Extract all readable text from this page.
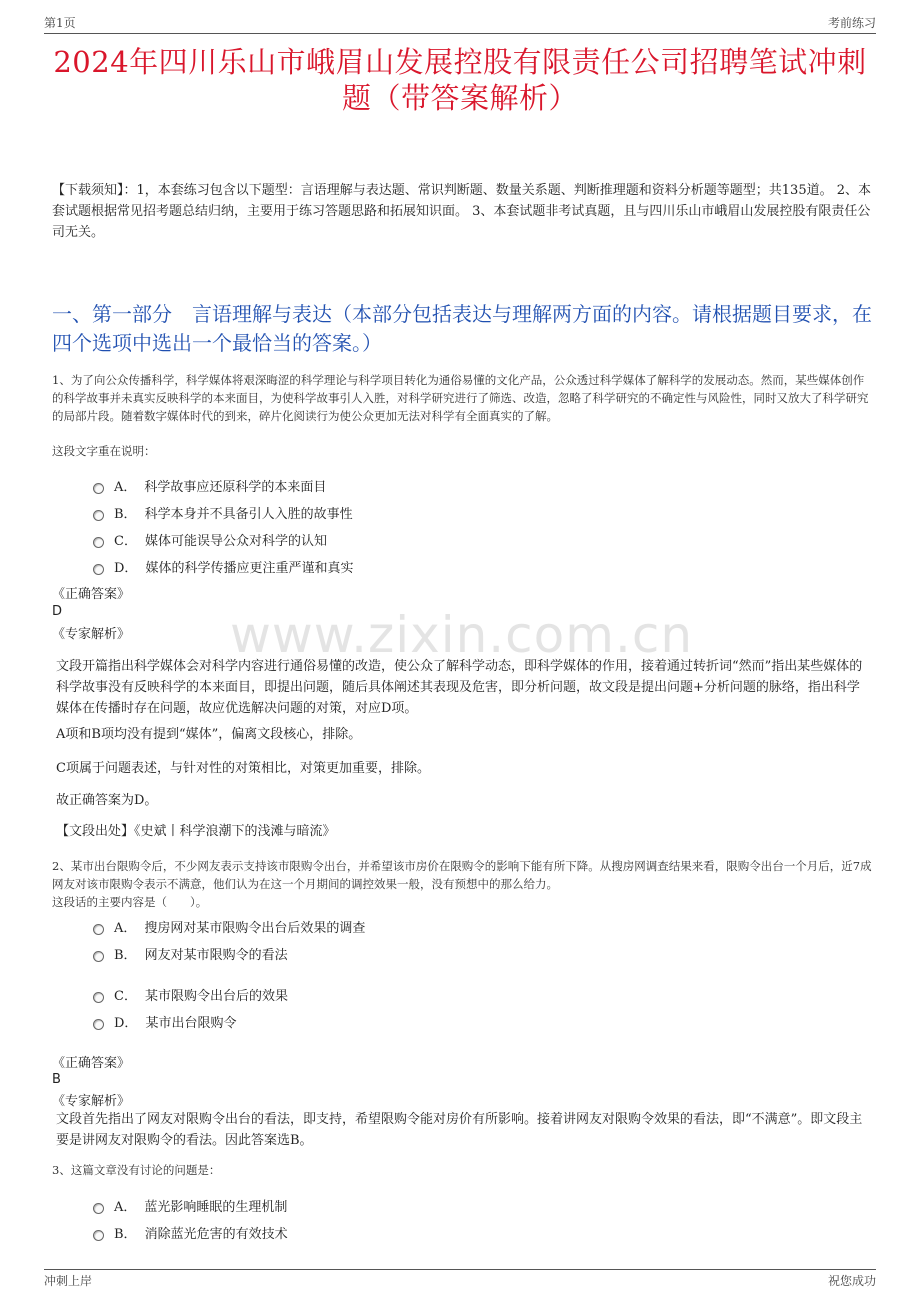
第1页	考前练习
2024年四川乐山市峨眉山发展控股有限责任公司招聘笔试冲刺题（带答案解析）
【下载须知】：1，本套练习包含以下题型：言语理解与表达题、常识判断题、数量关系题、判断推理题和资料分析题等题型；共135道。 2、本套试题根据常见招考题总结归纳，主要用于练习答题思路和拓展知识面。 3、本套试题非考试真题，且与四川乐山市峨眉山发展控股有限责任公司无关。
一、第一部分　言语理解与表达（本部分包括表达与理解两方面的内容。请根据题目要求，在四个选项中选出一个最恰当的答案。）
www.zixin.com.cn
1、为了向公众传播科学，科学媒体将艰深晦涩的科学理论与科学项目转化为通俗易懂的文化产品，公众透过科学媒体了解科学的发展动态。然而，某些媒体创作的科学故事并未真实反映科学的本来面目，为使科学故事引人入胜，对科学研究进行了筛选、改造，忽略了科学研究的不确定性与风险性，同时又放大了科学研究的局部片段。随着数字媒体时代的到来，碎片化阅读行为使公众更加无法对科学有全面真实的了解。
这段文字重在说明：
A． 科学故事应还原科学的本来面目
B． 科学本身并不具备引人入胜的故事性
C． 媒体可能误导公众对科学的认知
D． 媒体的科学传播应更注重严谨和真实
《正确答案》
D
《专家解析》
文段开篇指出科学媒体会对科学内容进行通俗易懂的改造，使公众了解科学动态，即科学媒体的作用，接着通过转折词“然而”指出某些媒体的科学故事没有反映科学的本来面目，即提出问题，随后具体阐述其表现及危害，即分析问题，故文段是提出问题+分析问题的脉络，指出科学媒体在传播时存在问题，故应优选解决问题的对策，对应D项。
A项和B项均没有提到“媒体”，偏离文段核心，排除。
C项属于问题表述，与针对性的对策相比，对策更加重要，排除。
故正确答案为D。
【文段出处】《史斌丨科学浪潮下的浅滩与暗流》
2、某市出台限购令后，不少网友表示支持该市限购令出台，并希望该市房价在限购令的影响下能有所下降。从搜房网调查结果来看，限购令出台一个月后，近7成网友对该市限购令表示不满意，他们认为在这一个月期间的调控效果一般，没有预想中的那么给力。
这段话的主要内容是（　　）。
A． 搜房网对某市限购令出台后效果的调查
B． 网友对某市限购令的看法
C． 某市限购令出台后的效果
D． 某市出台限购令
《正确答案》
B
《专家解析》
文段首先指出了网友对限购令出台的看法，即支持，希望限购令能对房价有所影响。接着讲网友对限购令效果的看法，即“不满意”。即文段主要是讲网友对限购令的看法。因此答案选B。
3、这篇文章没有讨论的问题是：
A． 蓝光影响睡眠的生理机制
B． 消除蓝光危害的有效技术
冲刺上岸	祝您成功
